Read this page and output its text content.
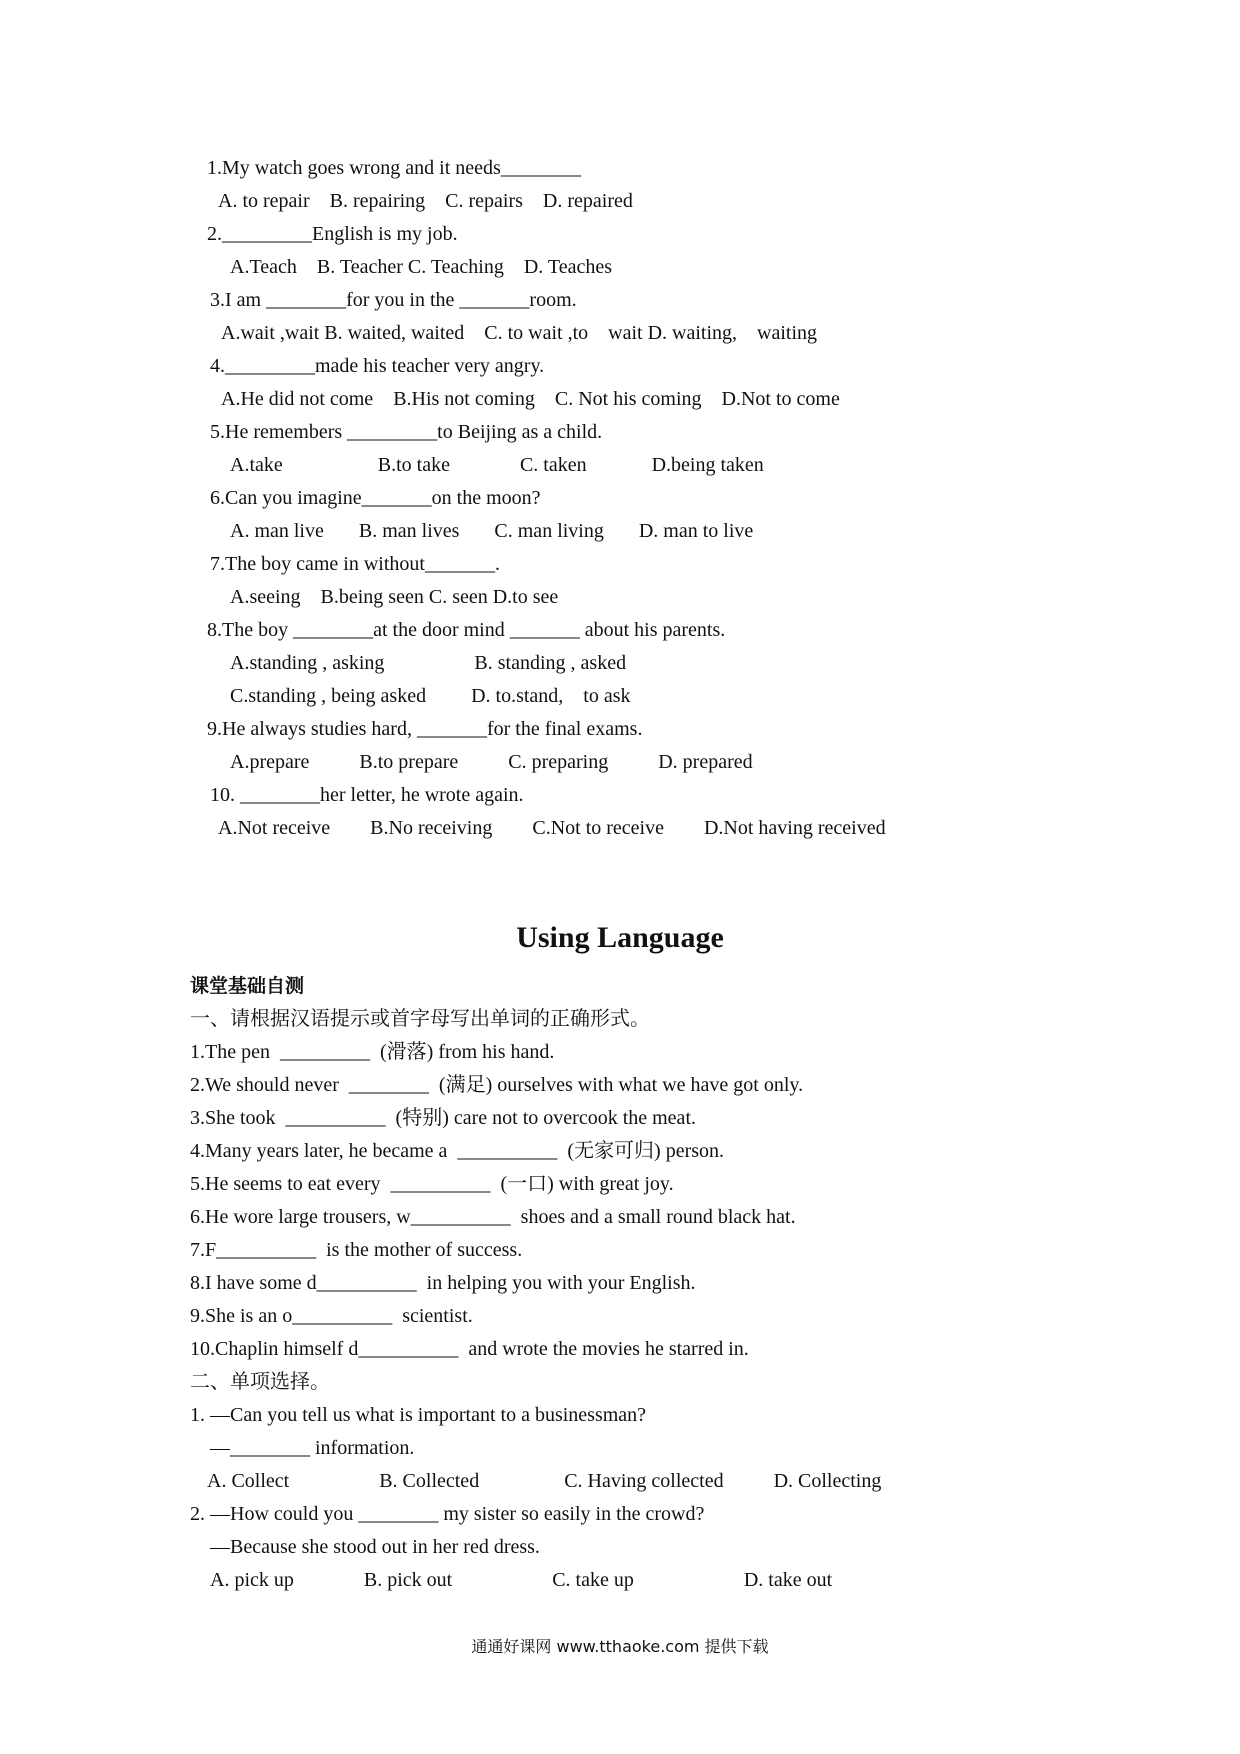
1.My watch goes wrong and it needs________
A. to repair    B. repairing    C. repairs    D. repaired
2._________English is my job.
A.Teach    B. Teacher C. Teaching    D. Teaches
3.I am ________for you in the _______room.
A.wait ,wait B. waited, waited    C. to wait ,to    wait D. waiting,    waiting
4._________made his teacher very angry.
A.He did not come    B.His not coming    C. Not his coming    D.Not to come
5.He remembers _________to Beijing as a child.
A.take                   B.to take              C. taken             D.being taken
6.Can you imagine_______on the moon?
A. man live       B. man lives       C. man living       D. man to live
7.The boy came in without_______.
A.seeing    B.being seen C. seen D.to see
8.The boy ________at the door mind _______ about his parents.
A.standing , asking                  B. standing , asked
C.standing , being asked         D. to.stand,    to ask
9.He always studies hard, _______for the final exams.
A.prepare          B.to prepare          C. preparing          D. prepared
10. ________her letter, he wrote again.
A.Not receive        B.No receiving        C.Not to receive        D.Not having received
Using Language
课堂基础自测
一、请根据汉语提示或首字母写出单词的正确形式。
1.The pen  _________  (滑落) from his hand.
2.We should never  ________  (满足) ourselves with what we have got only.
3.She took  __________  (特别) care not to overcook the meat.
4.Many years later, he became a  __________  (无家可归) person.
5.He seems to eat every  __________  (一口) with great joy.
6.He wore large trousers, w__________  shoes and a small round black hat.
7.F__________  is the mother of success.
8.I have some d__________  in helping you with your English.
9.She is an o__________  scientist.
10.Chaplin himself d__________  and wrote the movies he starred in.
二、单项选择。
1. —Can you tell us what is important to a businessman?
—________ information.
A. Collect                  B. Collected                 C. Having collected          D. Collecting
2. —How could you ________ my sister so easily in the crowd?
—Because she stood out in her red dress.
A. pick up              B. pick out                    C. take up                      D. take out
通通好课网 www.tthaoke.com 提供下载
